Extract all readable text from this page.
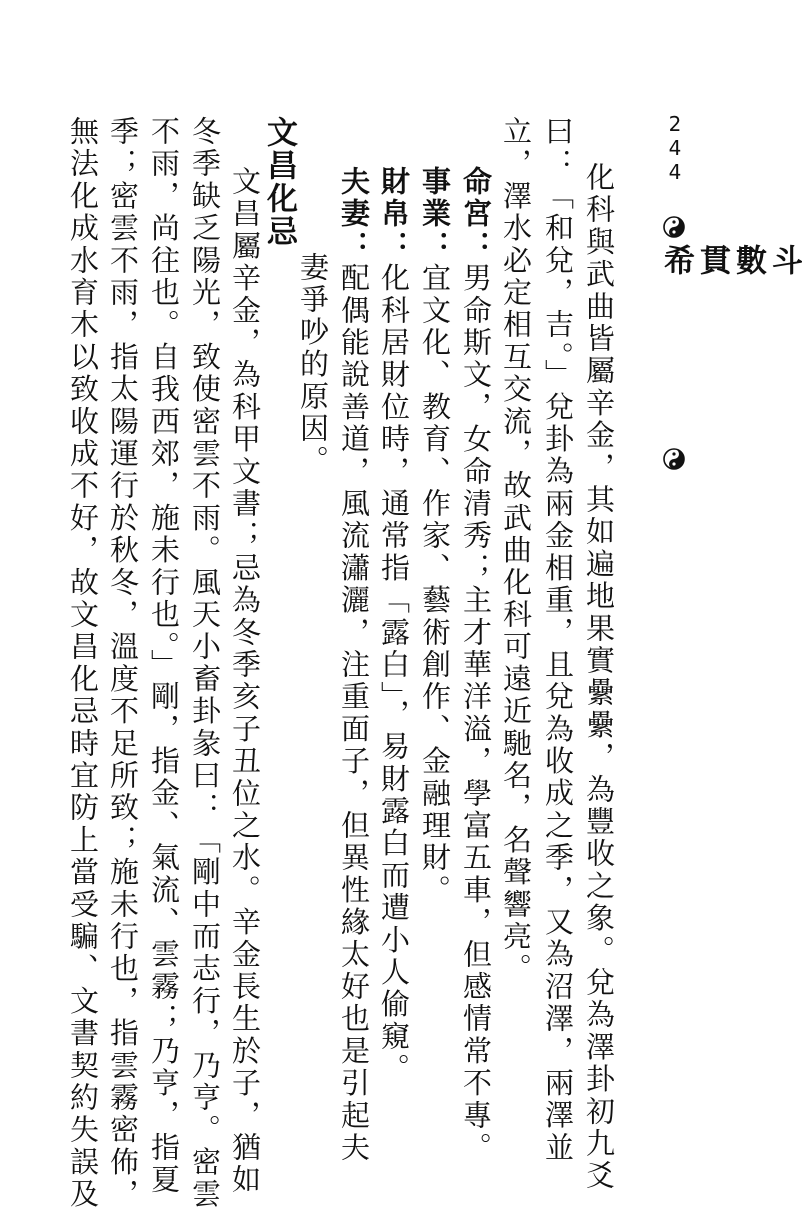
244
斗數貫希
化科與武曲皆屬辛金，其如遍地果實纍纍，為豐收之象。兌為澤卦初九爻
曰：「和兌，吉。」兌卦為兩金相重，且兌為收成之季，又為沼澤，兩澤並
立，澤水必定相互交流，故武曲化科可遠近馳名，名聲響亮。
命宮：男命斯文，女命清秀；主才華洋溢，學富五車，但感情常不專。
事業：宜文化、教育、作家、藝術創作、金融理財。
財帛：化科居財位時，通常指「露白」，易財露白而遭小人偷窺。
夫妻：配偶能說善道，風流瀟灑，注重面子，但異性緣太好也是引起夫
妻爭吵的原因。
文昌化忌
文昌屬辛金，為科甲文書；忌為冬季亥子丑位之水。辛金長生於子，猶如
冬季缺乏陽光，致使密雲不雨。風天小畜卦彖曰：「剛中而志行，乃亨。密雲
不雨，尚往也。自我西郊，施未行也。」剛，指金、氣流、雲霧；乃亨，指夏
季；密雲不雨，指太陽運行於秋冬，溫度不足所致；施未行也，指雲霧密佈，
無法化成水育木以致收成不好，故文昌化忌時宜防上當受騙、文書契約失誤及
